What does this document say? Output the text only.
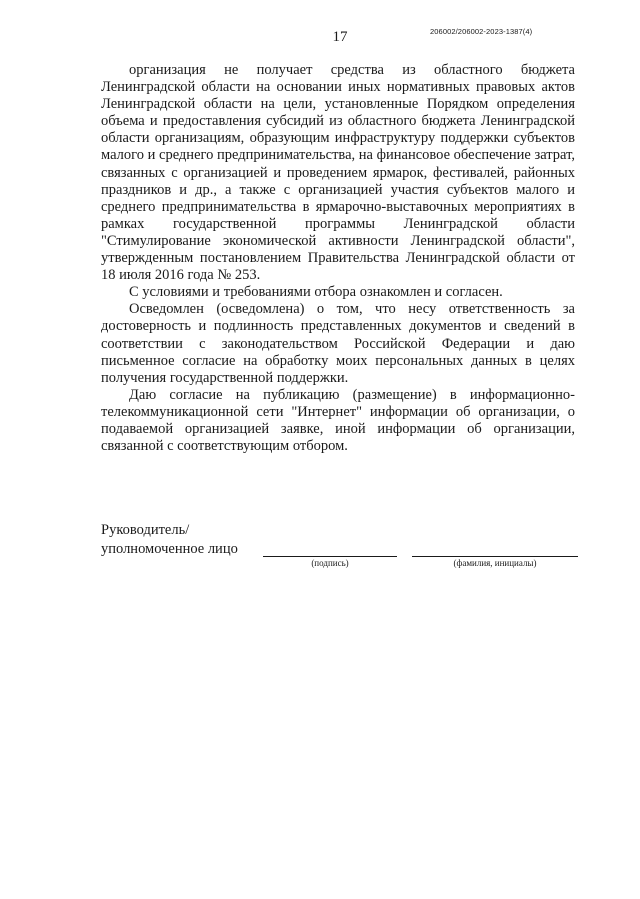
17	206002/206002-2023-1387(4)

организация не получает средства из областного бюджета Ленинградской области на основании иных нормативных правовых актов Ленинградской области на цели, установленные Порядком определения объема и предоставления субсидий из областного бюджета Ленинградской области организациям, образующим инфраструктуру поддержки субъектов малого и среднего предпринимательства, на финансовое обеспечение затрат, связанных с организацией и проведением ярмарок, фестивалей, районных праздников и др., а также с организацией участия субъектов малого и среднего предпринимательства в ярмарочно-выставочных мероприятиях в рамках государственной программы Ленинградской области "Стимулирование экономической активности Ленинградской области", утвержденным постановлением Правительства Ленинградской области от 18 июля 2016 года № 253.

С условиями и требованиями отбора ознакомлен и согласен.

Осведомлен (осведомлена) о том, что несу ответственность за достоверность и подлинность представленных документов и сведений в соответствии с законодательством Российской Федерации и даю письменное согласие на обработку моих персональных данных в целях получения государственной поддержки.

Даю согласие на публикацию (размещение) в информационно-телекоммуникационной сети "Интернет" информации об организации, о подаваемой организацией заявке, иной информации об организации, связанной с соответствующим отбором.

Руководитель/
уполномоченное лицо
(подпись)	(фамилия, инициалы)
